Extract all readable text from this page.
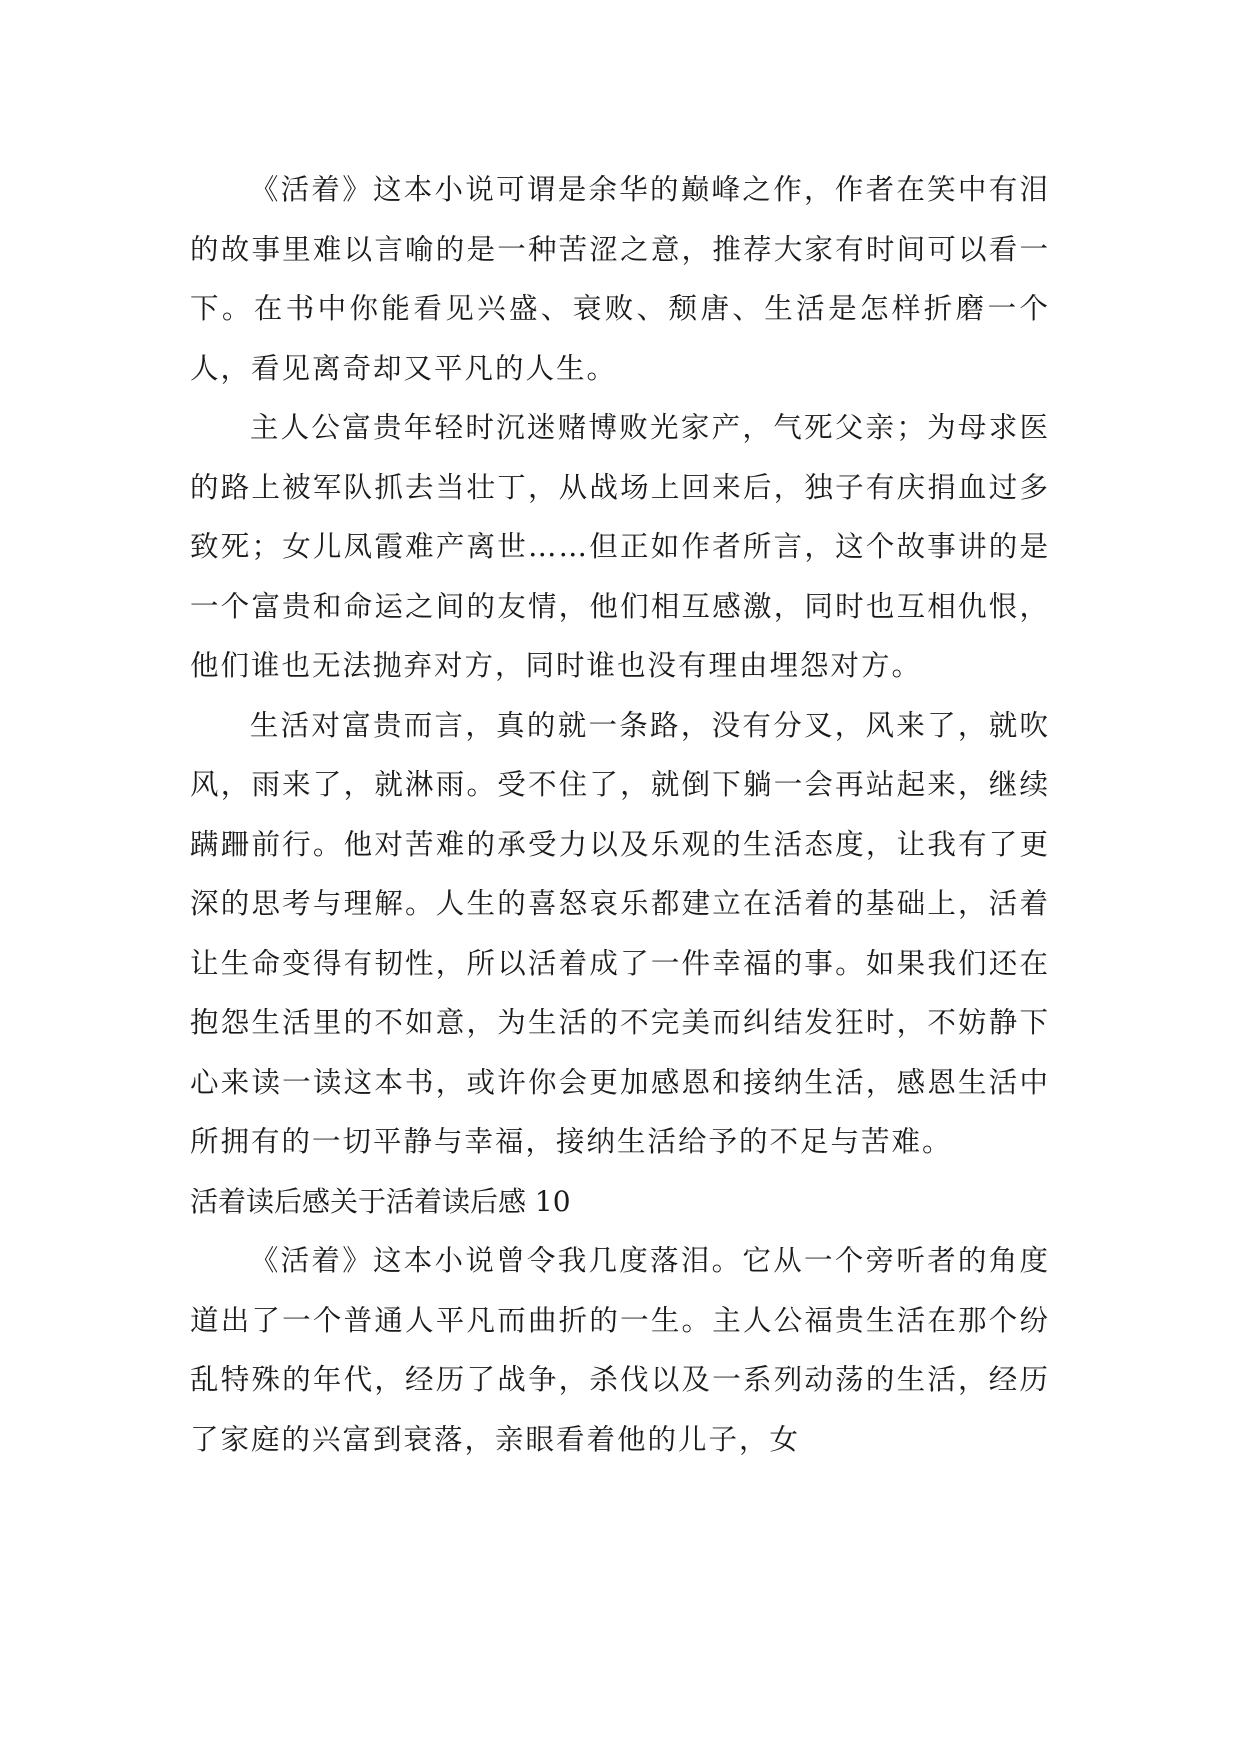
《活着》这本小说可谓是余华的巅峰之作，作者在笑中有泪的故事里难以言喻的是一种苦涩之意，推荐大家有时间可以看一下。在书中你能看见兴盛、衰败、颓唐、生活是怎样折磨一个人，看见离奇却又平凡的人生。

主人公富贵年轻时沉迷赌博败光家产，气死父亲；为母求医的路上被军队抓去当壮丁，从战场上回来后，独子有庆捐血过多致死；女儿凤霞难产离世……但正如作者所言，这个故事讲的是一个富贵和命运之间的友情，他们相互感激，同时也互相仇恨，他们谁也无法抛弃对方，同时谁也没有理由埋怨对方。

生活对富贵而言，真的就一条路，没有分叉，风来了，就吹风，雨来了，就淋雨。受不住了，就倒下躺一会再站起来，继续蹒跚前行。他对苦难的承受力以及乐观的生活态度，让我有了更深的思考与理解。人生的喜怒哀乐都建立在活着的基础上，活着让生命变得有韧性，所以活着成了一件幸福的事。如果我们还在抱怨生活里的不如意，为生活的不完美而纠结发狂时，不妨静下心来读一读这本书，或许你会更加感恩和接纳生活，感恩生活中所拥有的一切平静与幸福，接纳生活给予的不足与苦难。

活着读后感关于活着读后感 10

《活着》这本小说曾令我几度落泪。它从一个旁听者的角度道出了一个普通人平凡而曲折的一生。主人公福贵生活在那个纷乱特殊的年代，经历了战争，杀伐以及一系列动荡的生活，经历了家庭的兴富到衰落，亲眼看着他的儿子，女
